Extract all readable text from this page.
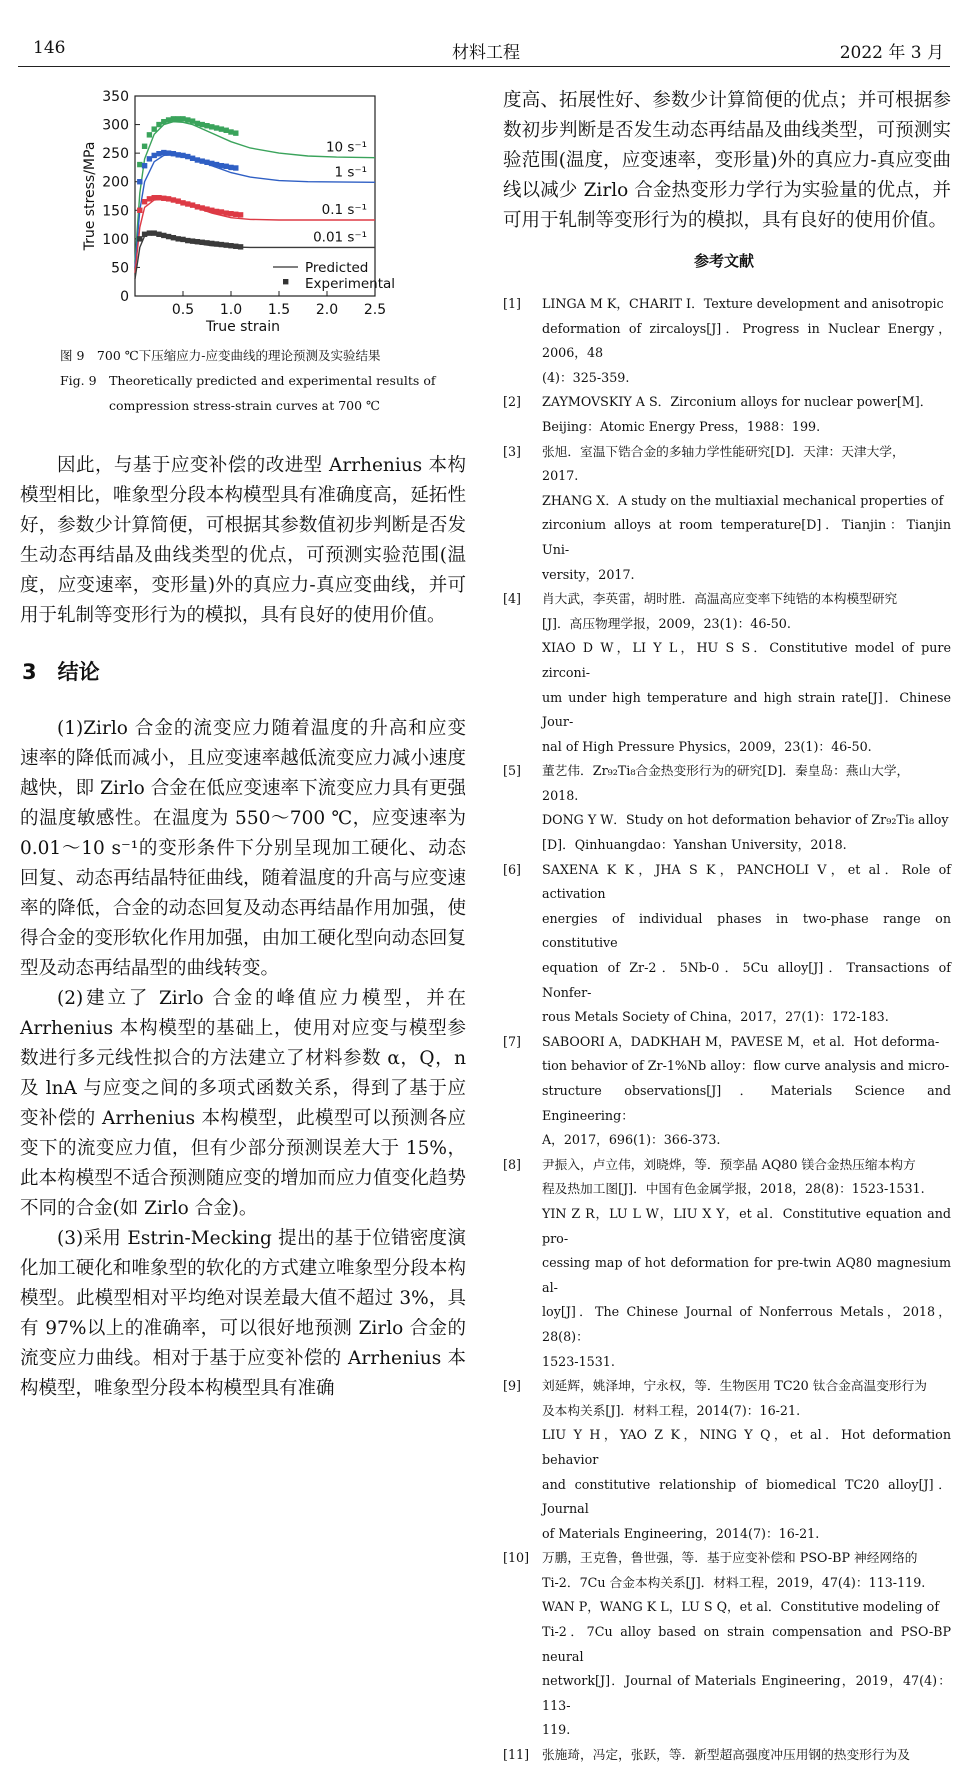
146	材料工程	2022 年 3 月
0
50
100
150
200
250
300
350
0.5 1.0 1.5 2.0 2.5
True strain
True stress/MPa	10 s⁻¹
1 s⁻¹
0.1 s⁻¹
0.01 s⁻¹
Predicted
Experimental
图 9　700 ℃下压缩应力-应变曲线的理论预测及实验结果
Fig. 9　Theoretically predicted and experimental results of
compression stress-strain curves at 700 ℃

因此，与基于应变补偿的改进型 Arrhenius 本构模型相比，唯象型分段本构模型具有准确度高，延拓性好，参数少计算简便，可根据其参数值初步判断是否发生动态再结晶及曲线类型的优点，可预测实验范围(温度，应变速率，变形量)外的真应力-真应变曲线，并可用于轧制等变形行为的模拟，具有良好的使用价值。

3　结论

(1)Zirlo 合金的流变应力随着温度的升高和应变速率的降低而减小，且应变速率越低流变应力减小速度越快，即 Zirlo 合金在低应变速率下流变应力具有更强的温度敏感性。在温度为 550～700 ℃，应变速率为 0.01～10 s⁻¹的变形条件下分别呈现加工硬化、动态回复、动态再结晶特征曲线，随着温度的升高与应变速率的降低，合金的动态回复及动态再结晶作用加强，使得合金的变形软化作用加强，由加工硬化型向动态回复型及动态再结晶型的曲线转变。

(2)建立了 Zirlo 合金的峰值应力模型，并在 Arrhenius 本构模型的基础上，使用对应变与模型参数进行多元线性拟合的方法建立了材料参数 α，Q，n 及 lnA 与应变之间的多项式函数关系，得到了基于应变补偿的 Arrhenius 本构模型，此模型可以预测各应变下的流变应力值，但有少部分预测误差大于 15%，此本构模型不适合预测随应变的增加而应力值变化趋势不同的合金(如 Zirlo 合金)。

(3)采用 Estrin-Mecking 提出的基于位错密度演化加工硬化和唯象型的软化的方式建立唯象型分段本构模型。此模型相对平均绝对误差最大值不超过 3%，具有 97%以上的准确率，可以很好地预测 Zirlo 合金的流变应力曲线。相对于基于应变补偿的 Arrhenius 本构模型，唯象型分段本构模型具有准确

度高、拓展性好、参数少计算简便的优点；并可根据参数初步判断是否发生动态再结晶及曲线类型，可预测实验范围(温度，应变速率，变形量)外的真应力-真应变曲线以减少 Zirlo 合金热变形力学行为实验量的优点，并可用于轧制等变形行为的模拟，具有良好的使用价值。

参考文献
[1] LINGA M K，CHARIT I．Texture development and anisotropic
deformation of zircaloys[J]．Progress in Nuclear Energy，2006，48
(4)：325-359.
[2] ZAYMOVSKIY A S．Zirconium alloys for nuclear power[M]．
Beijing：Atomic Energy Press，1988：199.
[3] 张旭．室温下锆合金的多轴力学性能研究[D]．天津：天津大学，
2017.
ZHANG X．A study on the multiaxial mechanical properties of
zirconium alloys at room temperature[D]．Tianjin：Tianjin Uni-
versity，2017.
[4] 肖大武，李英雷，胡时胜．高温高应变率下纯锆的本构模型研究
[J]．高压物理学报，2009，23(1)：46-50.
XIAO D W，LI Y L，HU S S．Constitutive model of pure zirconi-
um under high temperature and high strain rate[J]．Chinese Jour-
nal of High Pressure Physics，2009，23(1)：46-50.
[5] 董艺伟．Zr₉₂Ti₈合金热变形行为的研究[D]．秦皇岛：燕山大学，
2018.
DONG Y W．Study on hot deformation behavior of Zr₉₂Ti₈ alloy
[D]．Qinhuangdao：Yanshan University，2018.
[6] SAXENA K K，JHA S K，PANCHOLI V，et al．Role of activation
energies of individual phases in two-phase range on constitutive
equation of Zr-2．5Nb-0．5Cu alloy[J]．Transactions of Nonfer-
rous Metals Society of China，2017，27(1)：172-183.
[7] SABOORI A，DADKHAH M，PAVESE M，et al．Hot deforma-
tion behavior of Zr-1%Nb alloy：flow curve analysis and micro-
structure observations[J]．Materials Science and Engineering：
A，2017，696(1)：366-373.
[8] 尹振入，卢立伟，刘晓烨，等．预孪晶 AQ80 镁合金热压缩本构方
程及热加工图[J]．中国有色金属学报，2018，28(8)：1523-1531.
YIN Z R，LU L W，LIU X Y，et al．Constitutive equation and pro-
cessing map of hot deformation for pre-twin AQ80 magnesium al-
loy[J]．The Chinese Journal of Nonferrous Metals，2018，28(8)：
1523-1531.
[9] 刘延辉，姚泽坤，宁永权，等．生物医用 TC20 钛合金高温变形行为
及本构关系[J]．材料工程，2014(7)：16-21.
LIU Y H，YAO Z K，NING Y Q，et al．Hot deformation behavior
and constitutive relationship of biomedical TC20 alloy[J]．Journal
of Materials Engineering，2014(7)：16-21.
[10] 万鹏，王克鲁，鲁世强，等．基于应变补偿和 PSO-BP 神经网络的
Ti-2．7Cu 合金本构关系[J]．材料工程，2019，47(4)：113-119.
WAN P，WANG K L，LU S Q，et al．Constitutive modeling of
Ti-2．7Cu alloy based on strain compensation and PSO-BP neural
network[J]．Journal of Materials Engineering，2019，47(4)：113-
119.
[11] 张施琦，冯定，张跃，等．新型超高强度冲压用钢的热变形行为及
